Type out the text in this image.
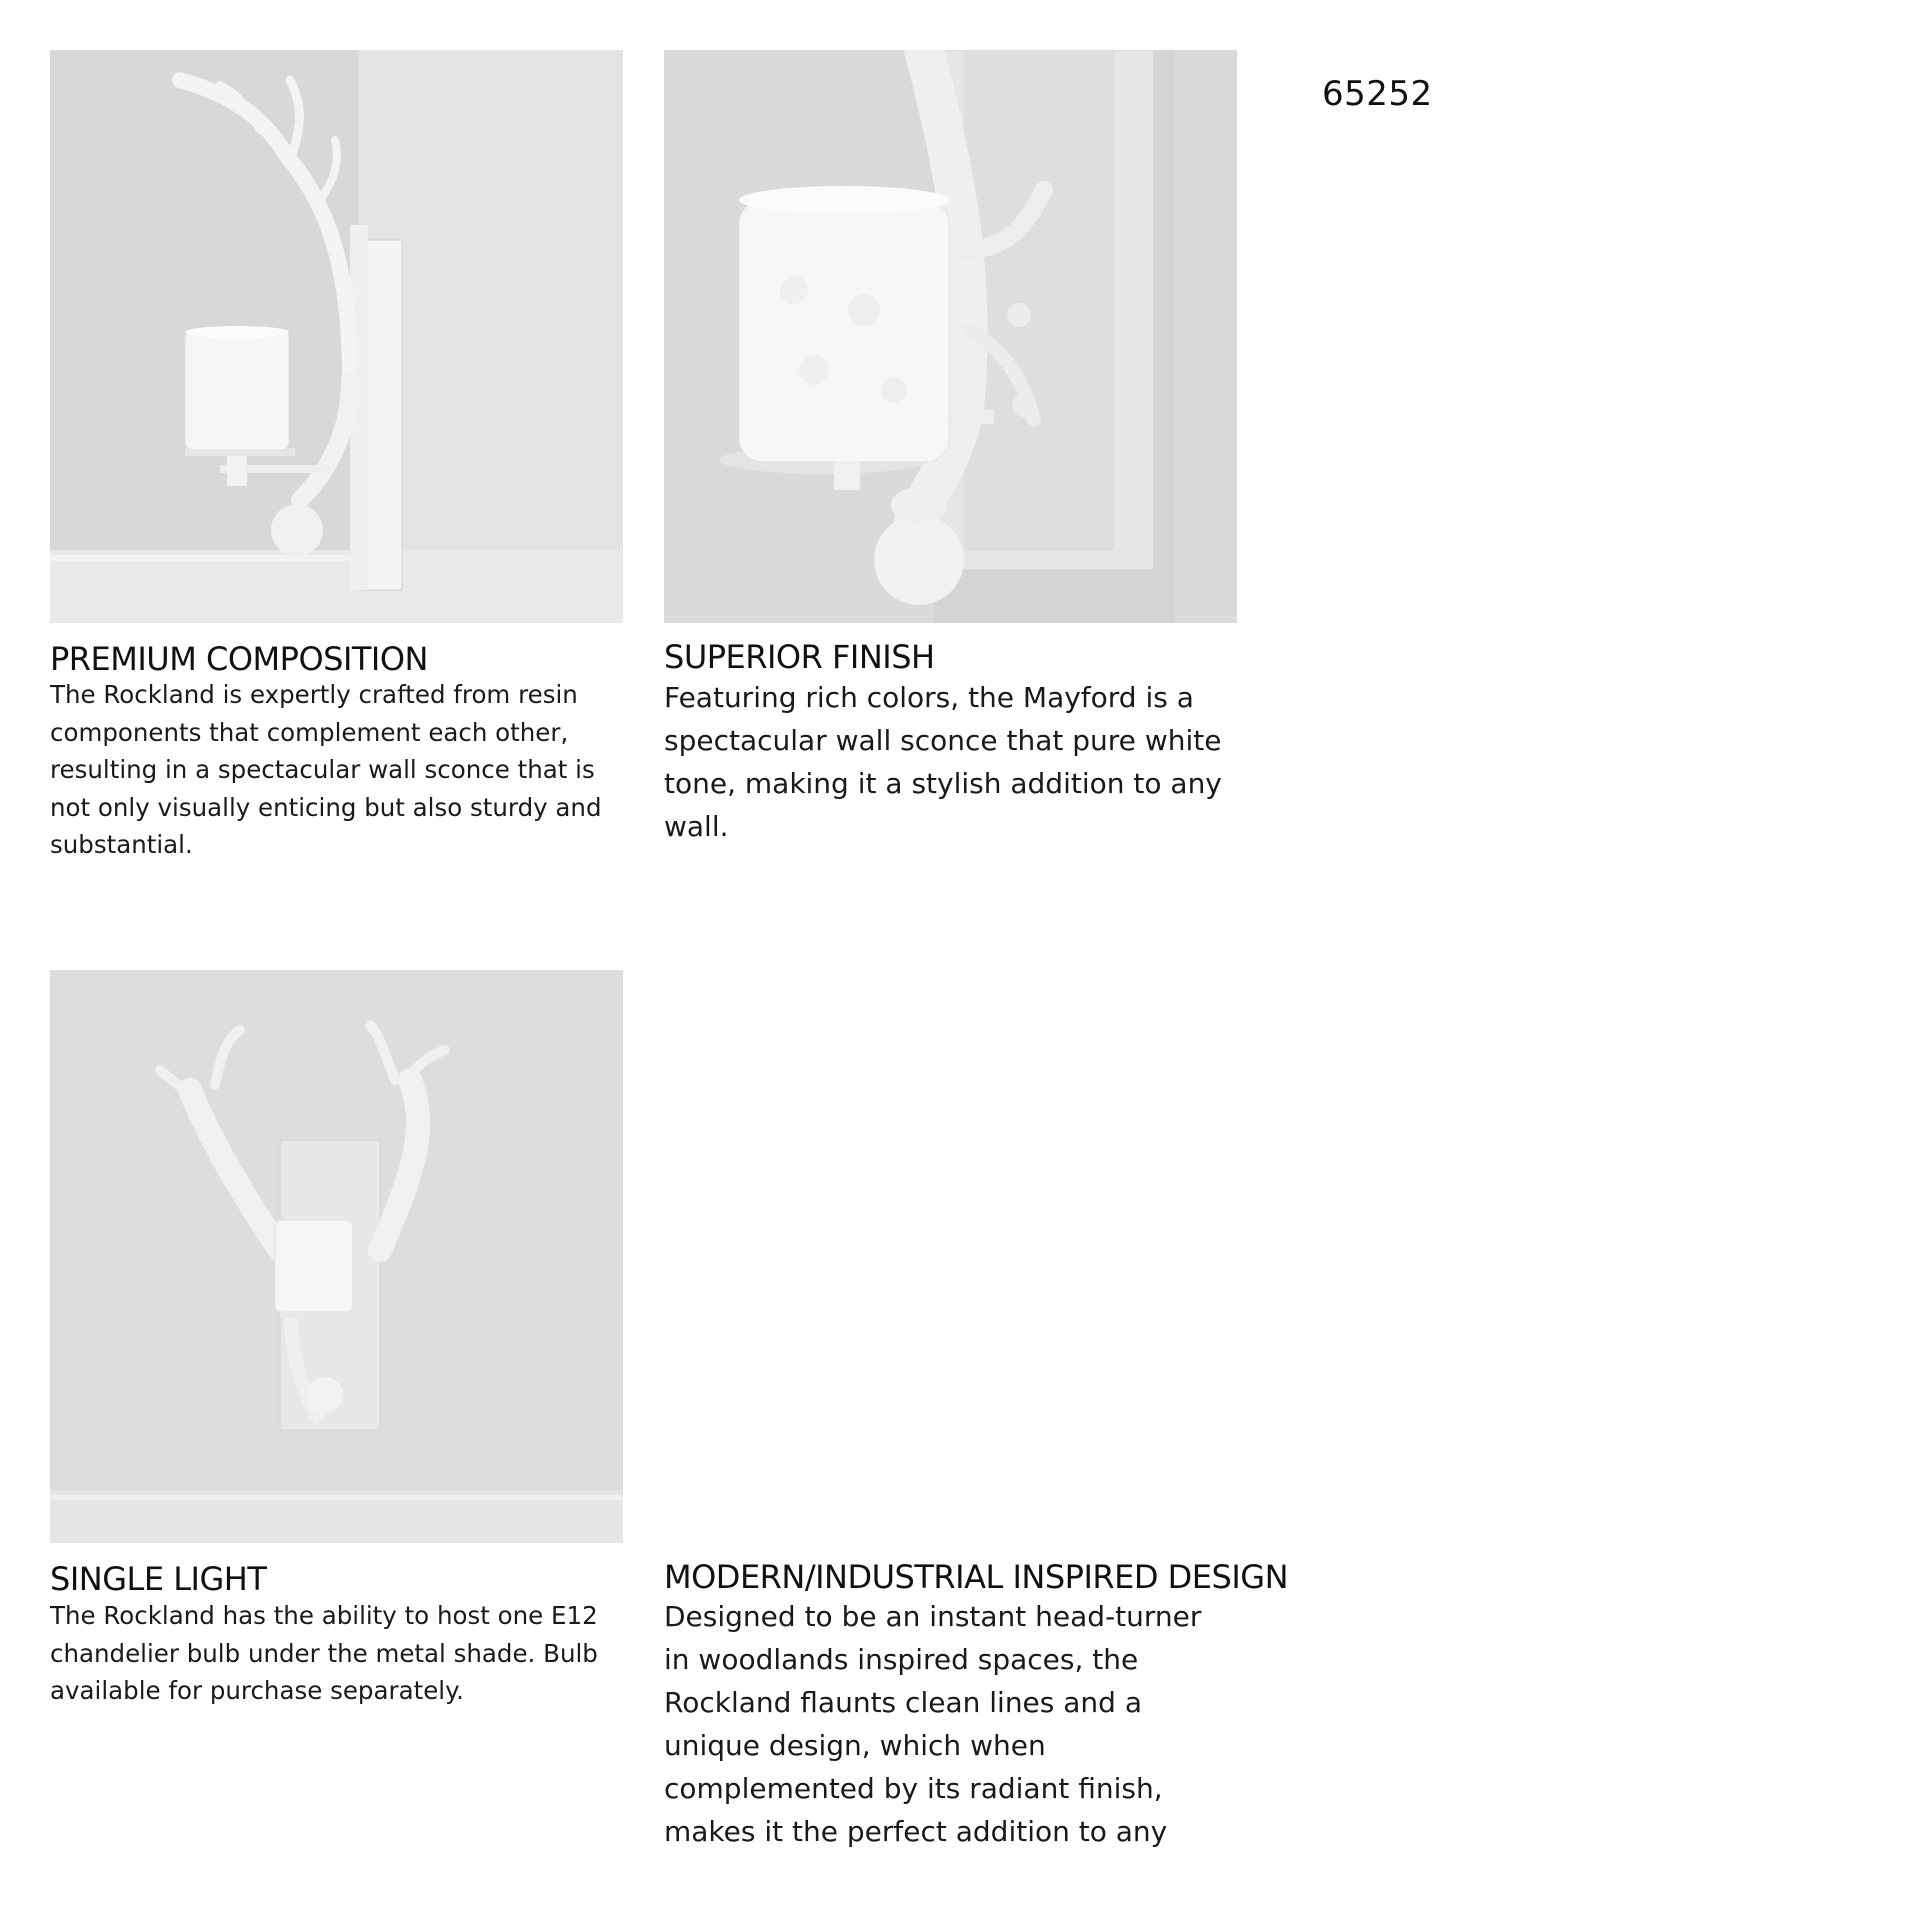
65252
PREMIUM COMPOSITION

The Rockland is expertly crafted from resin components that complement each other, resulting in a spectacular wall sconce that is not only visually enticing but also sturdy and substantial.

SUPERIOR FINISH

Featuring rich colors, the Mayford is a spectacular wall sconce that pure white tone, making it a stylish addition to any wall.

SINGLE LIGHT

The Rockland has the ability to host one E12 chandelier bulb under the metal shade. Bulb available for purchase separately.

MODERN/INDUSTRIAL INSPIRED DESIGN

Designed to be an instant head-turner in woodlands inspired spaces, the Rockland flaunts clean lines and a unique design, which when complemented by its radiant finish, makes it the perfect addition to any
